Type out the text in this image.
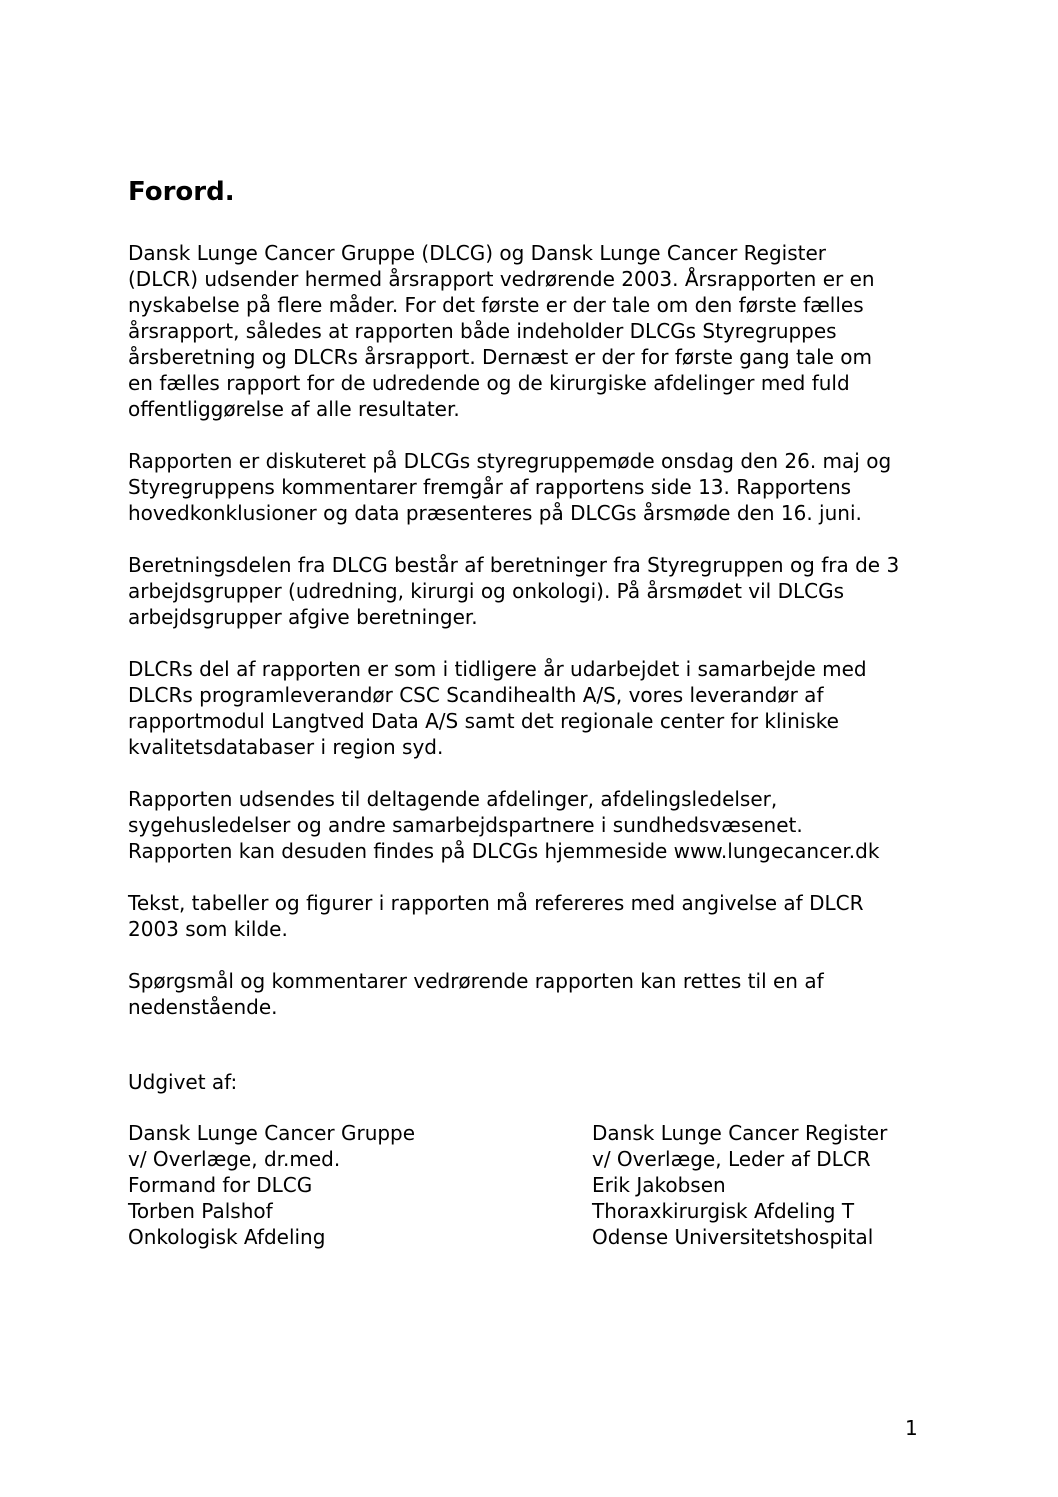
Forord.

Dansk Lunge Cancer Gruppe (DLCG) og Dansk Lunge Cancer Register
(DLCR) udsender hermed årsrapport vedrørende 2003. Årsrapporten er en
nyskabelse på flere måder. For det første er der tale om den første fælles
årsrapport, således at rapporten både indeholder DLCGs Styregruppes
årsberetning og DLCRs årsrapport. Dernæst er der for første gang tale om
en fælles rapport for de udredende og de kirurgiske afdelinger med fuld
offentliggørelse af alle resultater.

Rapporten er diskuteret på DLCGs styregruppemøde onsdag den 26. maj og
Styregruppens kommentarer fremgår af rapportens side 13. Rapportens
hovedkonklusioner og data præsenteres på DLCGs årsmøde den 16. juni.

Beretningsdelen fra DLCG består af beretninger fra Styregruppen og fra de 3
arbejdsgrupper (udredning, kirurgi og onkologi). På årsmødet vil DLCGs
arbejdsgrupper afgive beretninger.

DLCRs del af rapporten er som i tidligere år udarbejdet i samarbejde med
DLCRs programleverandør CSC Scandihealth A/S, vores leverandør af
rapportmodul Langtved Data A/S samt det regionale center for kliniske
kvalitetsdatabaser i region syd.

Rapporten udsendes til deltagende afdelinger, afdelingsledelser,
sygehusledelser og andre samarbejdspartnere i sundhedsvæsenet.
Rapporten kan desuden findes på DLCGs hjemmeside www.lungecancer.dk

Tekst, tabeller og figurer i rapporten må refereres med angivelse af DLCR
2003 som kilde.

Spørgsmål og kommentarer vedrørende rapporten kan rettes til en af
nedenstående.

Udgivet af:

Dansk Lunge Cancer Gruppe
v/ Overlæge, dr.med.
Formand for DLCG
Torben Palshof
Onkologisk Afdeling
Dansk Lunge Cancer Register
v/ Overlæge, Leder af DLCR
Erik Jakobsen
Thoraxkirurgisk Afdeling T
Odense Universitetshospital
1
